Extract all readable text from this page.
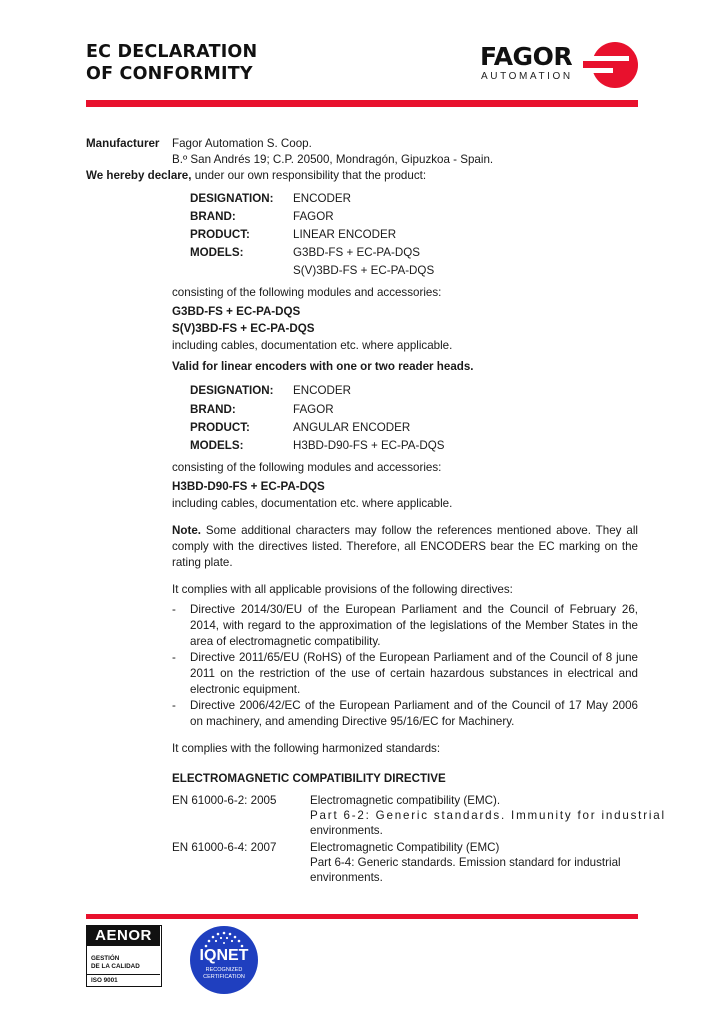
EC DECLARATION
OF CONFORMITY
FAGOR
AUTOMATION
Manufacturer Fagor Automation S. Coop.
B.º San Andrés 19; C.P. 20500, Mondragón, Gipuzkoa - Spain.
We hereby declare, under our own responsibility that the product:
DESIGNATION: ENCODER
BRAND:	FAGOR
PRODUCT:	LINEAR ENCODER
MODELS:	G3BD-FS + EC-PA-DQS
S(V)3BD-FS + EC-PA-DQS
consisting of the following modules and accessories:
G3BD-FS + EC-PA-DQS
S(V)3BD-FS + EC-PA-DQS
including cables, documentation etc. where applicable.
Valid for linear encoders with one or two reader heads.
DESIGNATION: ENCODER
BRAND:	FAGOR
PRODUCT:	ANGULAR ENCODER
MODELS:	H3BD-D90-FS + EC-PA-DQS
consisting of the following modules and accessories:
H3BD-D90-FS + EC-PA-DQS
including cables, documentation etc. where applicable.
Note. Some additional characters may follow the references mentioned above. They all comply with the directives listed. Therefore, all ENCODERS bear the EC marking on the rating plate.
It complies with all applicable provisions of the following directives:
- Directive 2014/30/EU of the European Parliament and the Council of February 26, 2014, with regard to the approximation of the legislations of the Member States in the area of electromagnetic compatibility.
- Directive 2011/65/EU (RoHS) of the European Parliament and of the Council of 8 june 2011 on the restriction of the use of certain hazardous substances in electrical and electronic equipment.
- Directive 2006/42/EC of the European Parliament and of the Council of 17 May 2006 on machinery, and amending Directive 95/16/EC for Machinery.
It complies with the following harmonized standards:
ELECTROMAGNETIC COMPATIBILITY DIRECTIVE
EN 61000-6-2: 2005	Electromagnetic compatibility (EMC).
Part 6-2: Generic standards. Immunity for industrial
environments.
EN 61000-6-4: 2007	Electromagnetic Compatibility (EMC)
Part 6-4: Generic standards. Emission standard for industrial
environments.
AENOR
GESTIÓN
DE LA CALIDAD
ISO 9001
IQNET
RECOGNIZED
CERTIFICATION
